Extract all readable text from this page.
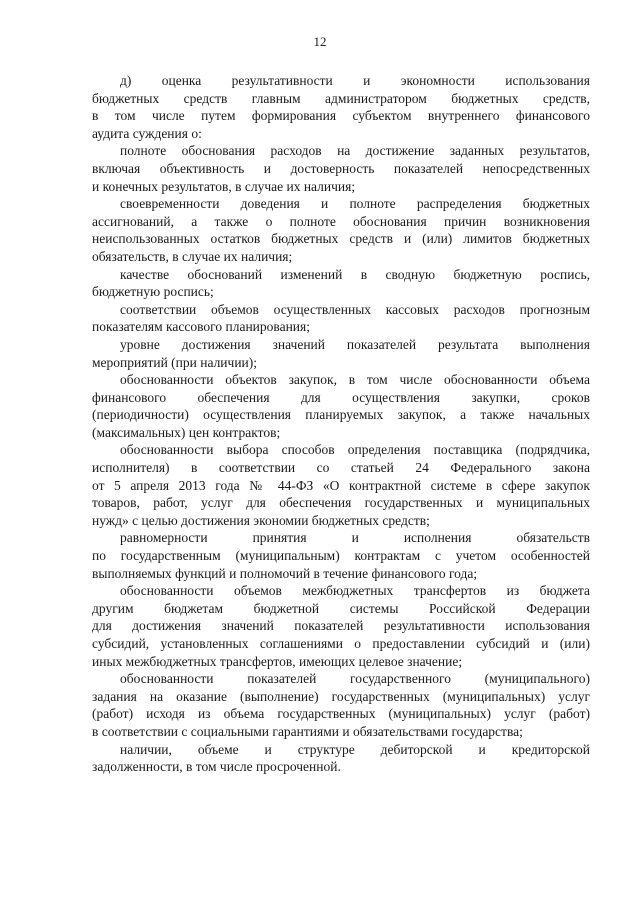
12
д) оценка результативности и экономности использования
бюджетных средств главным администратором бюджетных средств,
в том числе путем формирования субъектом внутреннего финансового
аудита суждения о:
полноте обоснования расходов на достижение заданных результатов,
включая объективность и достоверность показателей непосредственных
и конечных результатов, в случае их наличия;
своевременности доведения и полноте распределения бюджетных
ассигнований, а также о полноте обоснования причин возникновения
неиспользованных остатков бюджетных средств и (или) лимитов бюджетных
обязательств, в случае их наличия;
качестве обоснований изменений в сводную бюджетную роспись,
бюджетную роспись;
соответствии объемов осуществленных кассовых расходов прогнозным
показателям кассового планирования;
уровне достижения значений показателей результата выполнения
мероприятий (при наличии);
обоснованности объектов закупок, в том числе обоснованности объема
финансового обеспечения для осуществления закупки, сроков
(периодичности) осуществления планируемых закупок, а также начальных
(максимальных) цен контрактов;
обоснованности выбора способов определения поставщика (подрядчика,
исполнителя) в соответствии со статьей 24 Федерального закона
от 5 апреля 2013 года № 44-ФЗ «О контрактной системе в сфере закупок
товаров, работ, услуг для обеспечения государственных и муниципальных
нужд» с целью достижения экономии бюджетных средств;
равномерности принятия и исполнения обязательств
по государственным (муниципальным) контрактам с учетом особенностей
выполняемых функций и полномочий в течение финансового года;
обоснованности объемов межбюджетных трансфертов из бюджета
другим бюджетам бюджетной системы Российской Федерации
для достижения значений показателей результативности использования
субсидий, установленных соглашениями о предоставлении субсидий и (или)
иных межбюджетных трансфертов, имеющих целевое значение;
обоснованности показателей государственного (муниципального)
задания на оказание (выполнение) государственных (муниципальных) услуг
(работ) исходя из объема государственных (муниципальных) услуг (работ)
в соответствии с социальными гарантиями и обязательствами государства;
наличии, объеме и структуре дебиторской и кредиторской
задолженности, в том числе просроченной.
